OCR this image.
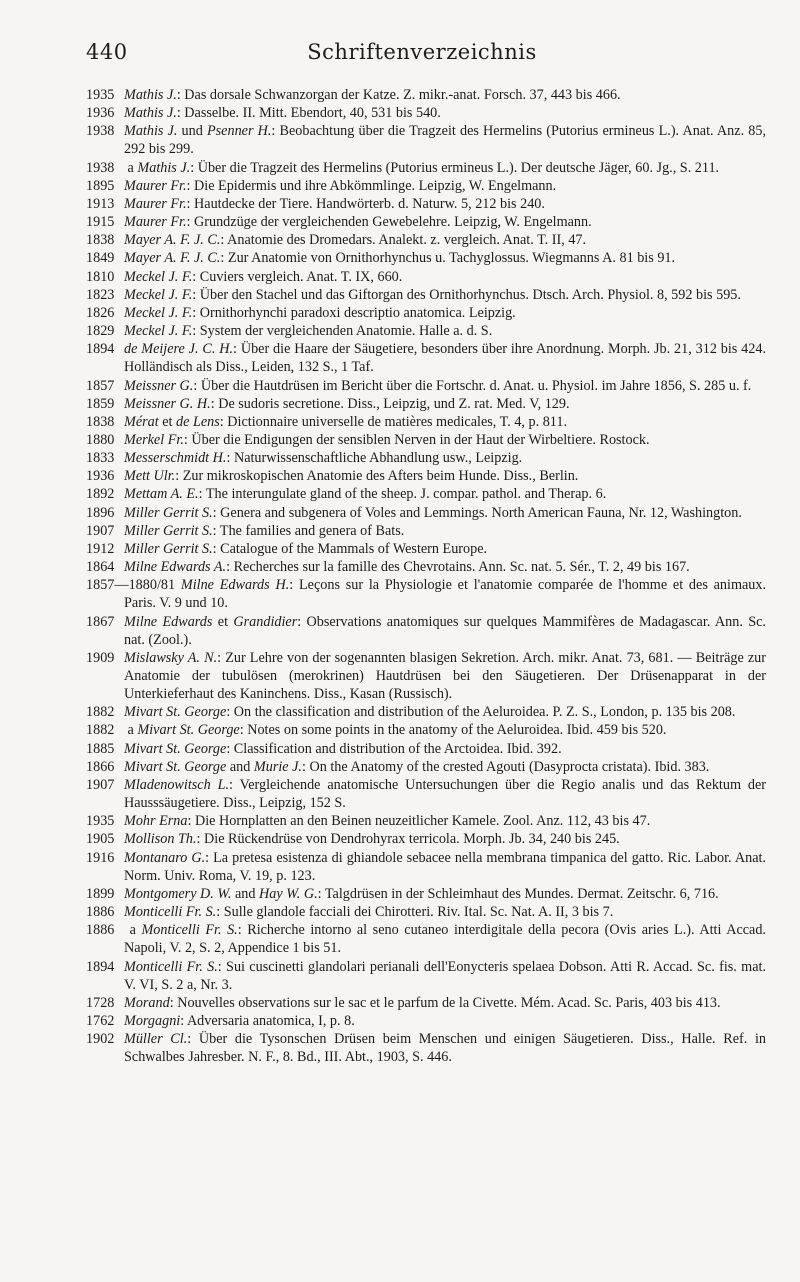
440	Schriftenverzeichnis

1935 Mathis J.: Das dorsale Schwanzorgan der Katze. Z. mikr.-anat. Forsch. 37, 443 bis 466.

1936 Mathis J.: Dasselbe. II. Mitt. Ebendort, 40, 531 bis 540.

1938 Mathis J. und Psenner H.: Beobachtung über die Tragzeit des Hermelins (Putorius ermineus L.). Anat. Anz. 85, 292 bis 299.

1938 a Mathis J.: Über die Tragzeit des Hermelins (Putorius ermineus L.). Der deutsche Jäger, 60. Jg., S. 211.

1895 Maurer Fr.: Die Epidermis und ihre Abkömmlinge. Leipzig, W. Engelmann.

1913 Maurer Fr.: Hautdecke der Tiere. Handwörterb. d. Naturw. 5, 212 bis 240.

1915 Maurer Fr.: Grundzüge der vergleichenden Gewebelehre. Leipzig, W. Engelmann.

1838 Mayer A. F. J. C.: Anatomie des Dromedars. Analekt. z. vergleich. Anat. T. II, 47.

1849 Mayer A. F. J. C.: Zur Anatomie von Ornithorhynchus u. Tachyglossus. Wiegmanns A. 81 bis 91.

1810 Meckel J. F.: Cuviers vergleich. Anat. T. IX, 660.

1823 Meckel J. F.: Über den Stachel und das Giftorgan des Ornithorhynchus. Dtsch. Arch. Physiol. 8, 592 bis 595.

1826 Meckel J. F.: Ornithorhynchi paradoxi descriptio anatomica. Leipzig.

1829 Meckel J. F.: System der vergleichenden Anatomie. Halle a. d. S.

1894 de Meijere J. C. H.: Über die Haare der Säugetiere, besonders über ihre Anordnung. Morph. Jb. 21, 312 bis 424. Holländisch als Diss., Leiden, 132 S., 1 Taf.

1857 Meissner G.: Über die Hautdrüsen im Bericht über die Fortschr. d. Anat. u. Physiol. im Jahre 1856, S. 285 u. f.

1859 Meissner G. H.: De sudoris secretione. Diss., Leipzig, und Z. rat. Med. V, 129.

1838 Mérat et de Lens: Dictionnaire universelle de matières medicales, T. 4, p. 811.

1880 Merkel Fr.: Über die Endigungen der sensiblen Nerven in der Haut der Wirbeltiere. Rostock.

1833 Messerschmidt H.: Naturwissenschaftliche Abhandlung usw., Leipzig.

1936 Mett Ulr.: Zur mikroskopischen Anatomie des Afters beim Hunde. Diss., Berlin.

1892 Mettam A. E.: The interungulate gland of the sheep. J. compar. pathol. and Therap. 6.

1896 Miller Gerrit S.: Genera and subgenera of Voles and Lemmings. North American Fauna, Nr. 12, Washington.

1907 Miller Gerrit S.: The families and genera of Bats.

1912 Miller Gerrit S.: Catalogue of the Mammals of Western Europe.

1864 Milne Edwards A.: Recherches sur la famille des Chevrotains. Ann. Sc. nat. 5. Sér., T. 2, 49 bis 167.

1857—1880/81 Milne Edwards H.: Leçons sur la Physiologie et l'anatomie comparée de l'homme et des animaux. Paris. V. 9 und 10.

1867 Milne Edwards et Grandidier: Observations anatomiques sur quelques Mammifères de Madagascar. Ann. Sc. nat. (Zool.).

1909 Mislawsky A. N.: Zur Lehre von der sogenannten blasigen Sekretion. Arch. mikr. Anat. 73, 681. — Beiträge zur Anatomie der tubulösen (merokrinen) Hautdrüsen bei den Säugetieren. Der Drüsenapparat in der Unterkieferhaut des Kaninchens. Diss., Kasan (Russisch).

1882 Mivart St. George: On the classification and distribution of the Aeluroidea. P. Z. S., London, p. 135 bis 208.

1882 a Mivart St. George: Notes on some points in the anatomy of the Aeluroidea. Ibid. 459 bis 520.

1885 Mivart St. George: Classification and distribution of the Arctoidea. Ibid. 392.

1866 Mivart St. George and Murie J.: On the Anatomy of the crested Agouti (Dasyprocta cristata). Ibid. 383.

1907 Mladenowitsch L.: Vergleichende anatomische Untersuchungen über die Regio analis und das Rektum der Hausssäugetiere. Diss., Leipzig, 152 S.

1935 Mohr Erna: Die Hornplatten an den Beinen neuzeitlicher Kamele. Zool. Anz. 112, 43 bis 47.

1905 Mollison Th.: Die Rückendrüse von Dendrohyrax terricola. Morph. Jb. 34, 240 bis 245.

1916 Montanaro G.: La pretesa esistenza di ghiandole sebacee nella membrana timpanica del gatto. Ric. Labor. Anat. Norm. Univ. Roma, V. 19, p. 123.

1899 Montgomery D. W. and Hay W. G.: Talgdrüsen in der Schleimhaut des Mundes. Dermat. Zeitschr. 6, 716.

1886 Monticelli Fr. S.: Sulle glandole facciali dei Chirotteri. Riv. Ital. Sc. Nat. A. II, 3 bis 7.

1886 a Monticelli Fr. S.: Richerche intorno al seno cutaneo interdigitale della pecora (Ovis aries L.). Atti Accad. Napoli, V. 2, S. 2, Appendice 1 bis 51.

1894 Monticelli Fr. S.: Sui cuscinetti glandolari perianali dell'Eonycteris spelaea Dobson. Atti R. Accad. Sc. fis. mat. V. VI, S. 2 a, Nr. 3.

1728 Morand: Nouvelles observations sur le sac et le parfum de la Civette. Mém. Acad. Sc. Paris, 403 bis 413.

1762 Morgagni: Adversaria anatomica, I, p. 8.

1902 Müller Cl.: Über die Tysonschen Drüsen beim Menschen und einigen Säugetieren. Diss., Halle. Ref. in Schwalbes Jahresber. N. F., 8. Bd., III. Abt., 1903, S. 446.
